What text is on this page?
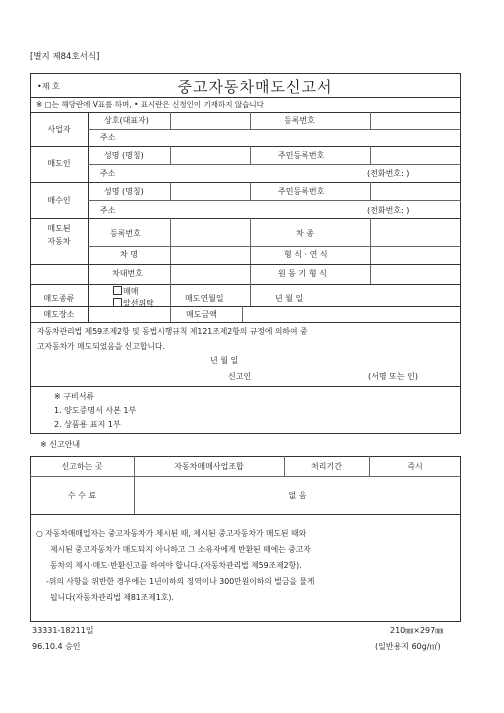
[별지 제84호서식]
•제 호	중고자동차매도신고서
※ □는 해당란에 V표를 하며, • 표시란은 신청인이 기재하지 않습니다
사업자
상호(대표자)	등록번호
주소
매도인
성명 (명칭)	주민등록번호
주소	(전화번호: )
매수인
성명 (명칭)	주민등록번호
주소	(전화번호: )
매도된
자동차
등록번호	차 종
차 명	형 식 · 연 식
차대번호	원 동 기 형 식
매도종류
매매
알선위탁
매도연월일	년 월 일
매도장소	매도금액
자동차관리법 제59조제2항 및 동법시행규칙 제121조제2항의 규정에 의하여 중
고자동차가 매도되었음을 신고합니다.
년 월 일
신고인	(서명 또는 인)
※ 구비서류
1. 양도증명서 사본 1부
2. 상품용 표지 1부
※ 신고안내
신고하는 곳	자동차매매사업조합	처리기간	즉시
수 수 료	없 음
○ 자동차매매업자는 중고자동차가 제시된 때, 제시된 중고자동차가 매도된 때와
제시된 중고자동차가 매도되지 아니하고 그 소유자에게 반환된 때에는 중고자
동차의 제시·매도·반환신고를 하여야 합니다.(자동차관리법 제59조제2항).
-위의 사항을 위반한 경우에는 1년이하의 징역이나 300만원이하의 벌금을 물게
됩니다(자동차관리법 제81조제1호).
33331-18211일
96.10.4 승인
210㎜×297㎜
(일반용지 60g/㎡)
